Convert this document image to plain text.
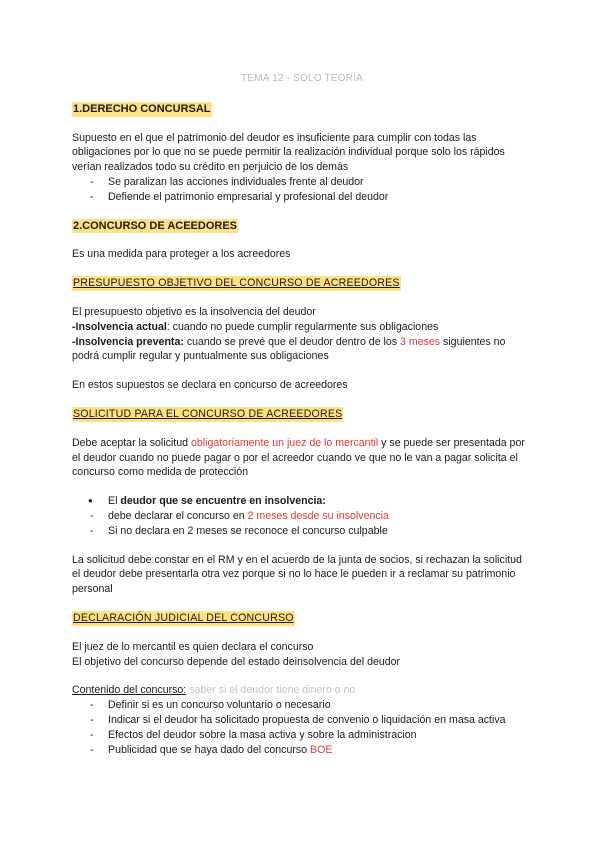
TEMA 12 - SOLO TEORÍA
1.DERECHO CONCURSAL

Supuesto en el que el patrimonio del deudor es insuficiente para cumplir con todas las obligaciones por lo que no se puede permitir la realización individual porque solo los rápidos verían realizados todo su crédito en perjuicio de los demás

- Se paralizan las acciones individuales frente al deudor
- Defiende el patrimonio empresarial y profesional del deudor
2.CONCURSO DE ACEEDORES

Es una medida para proteger a los acreedores

PRESUPUESTO OBJETIVO DEL CONCURSO DE ACREEDORES

El presupuesto objetivo es la insolvencia del deudor

-Insolvencia actual: cuando no puede cumplir regularmente sus obligaciones

-Insolvencia preventa: cuando se prevé que el deudor dentro de los 3 meses siguientes no podrá cumplir regular y puntualmente sus obligaciones

En estos supuestos se declara en concurso de acreedores

SOLICITUD PARA EL CONCURSO DE ACREEDORES

Debe aceptar la solicitud obligatoriamente un juez de lo mercantil y se puede ser presentada por el deudor cuando no puede pagar o por el acreedor cuando ve que no le van a pagar solicita el concurso como medida de protección

● El deudor que se encuentre en insolvencia:
- debe declarar el concurso en 2 meses desde su insolvencia
- Si no declara en 2 meses se reconoce el concurso culpable

La solicitud debe constar en el RM y en el acuerdo de la junta de socios, si rechazan la solicitud el deudor debe presentarla otra vez porque si no lo hace le pueden ir a reclamar su patrimonio personal

DECLARACIÓN JUDICIAL DEL CONCURSO

El juez de lo mercantil es quien declara el concurso

El objetivo del concurso depende del estado deinsolvencia del deudor

Contenido del concurso: saber si el deudor tiene dinero o no

- Definir si es un concurso voluntario o necesario
- Indicar si el deudor ha solicitado propuesta de convenio o liquidación en masa activa
- Efectos del deudor sobre la masa activa y sobre la administracion
- Publicidad que se haya dado del concurso BOE
